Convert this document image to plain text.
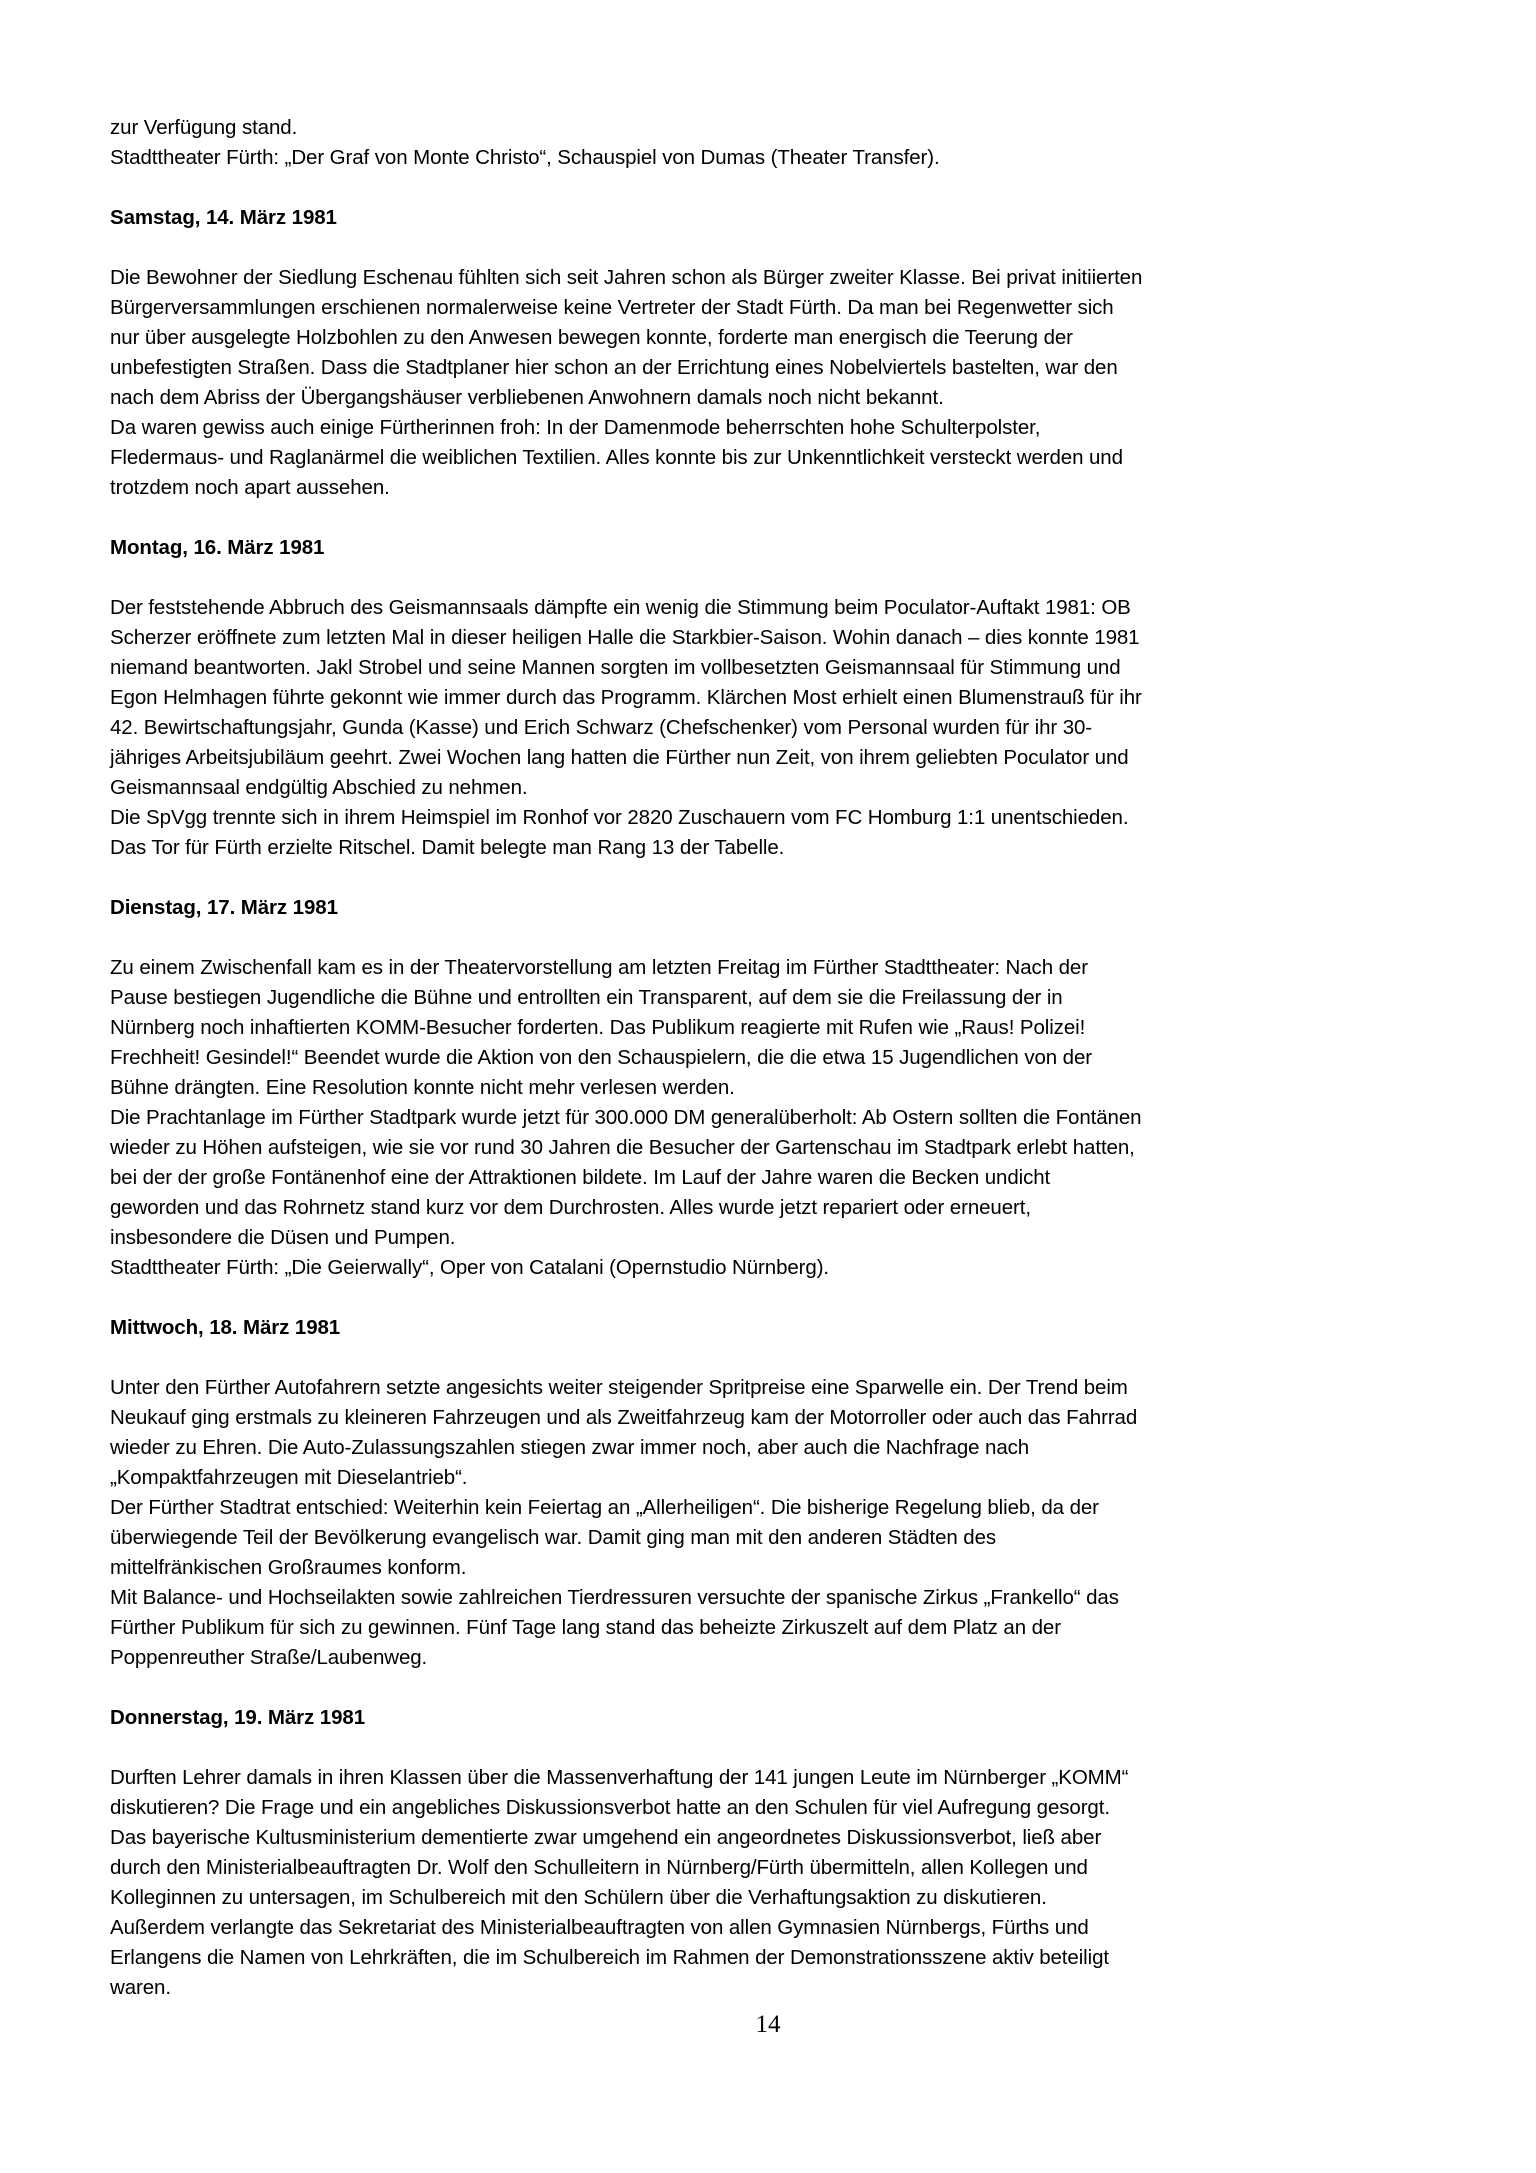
zur Verfügung stand.
Stadttheater Fürth: „Der Graf von Monte Christo“, Schauspiel von Dumas (Theater Transfer).
Samstag, 14. März 1981
Die Bewohner der Siedlung Eschenau fühlten sich seit Jahren schon als Bürger zweiter Klasse. Bei privat initiierten
Bürgerversammlungen erschienen normalerweise keine Vertreter der Stadt Fürth. Da man bei Regenwetter sich
nur über ausgelegte Holzbohlen zu den Anwesen bewegen konnte, forderte man energisch die Teerung der
unbefestigten Straßen. Dass die Stadtplaner hier schon an der Errichtung eines Nobelviertels bastelten, war den
nach dem Abriss der Übergangshäuser verbliebenen Anwohnern damals noch nicht bekannt.
Da waren gewiss auch einige Fürtherinnen froh: In der Damenmode beherrschten hohe Schulterpolster,
Fledermaus- und Raglanärmel die weiblichen Textilien. Alles konnte bis zur Unkenntlichkeit versteckt werden und
trotzdem noch apart aussehen.
Montag, 16. März 1981
Der feststehende Abbruch des Geismannsaals dämpfte ein wenig die Stimmung beim Poculator-Auftakt 1981: OB
Scherzer eröffnete zum letzten Mal in dieser heiligen Halle die Starkbier-Saison. Wohin danach – dies konnte 1981
niemand beantworten. Jakl Strobel und seine Mannen sorgten im vollbesetzten Geismannsaal für Stimmung und
Egon Helmhagen führte gekonnt wie immer durch das Programm. Klärchen Most erhielt einen Blumenstrauß für ihr
42. Bewirtschaftungsjahr, Gunda (Kasse) und Erich Schwarz (Chefschenker) vom Personal wurden für ihr 30-
jähriges Arbeitsjubiläum geehrt. Zwei Wochen lang hatten die Fürther nun Zeit, von ihrem geliebten Poculator und
Geismannsaal endgültig Abschied zu nehmen.
Die SpVgg trennte sich in ihrem Heimspiel im Ronhof vor 2820 Zuschauern vom FC Homburg 1:1 unentschieden.
Das Tor für Fürth erzielte Ritschel. Damit belegte man Rang 13 der Tabelle.
Dienstag, 17. März 1981
Zu einem Zwischenfall kam es in der Theatervorstellung am letzten Freitag im Fürther Stadttheater: Nach der
Pause bestiegen Jugendliche die Bühne und entrollten ein Transparent, auf dem sie die Freilassung der in
Nürnberg noch inhaftierten KOMM-Besucher forderten. Das Publikum reagierte mit Rufen wie „Raus! Polizei!
Frechheit! Gesindel!“ Beendet wurde die Aktion von den Schauspielern, die die etwa 15 Jugendlichen von der
Bühne drängten. Eine Resolution konnte nicht mehr verlesen werden.
Die Prachtanlage im Fürther Stadtpark wurde jetzt für 300.000 DM generalüberholt: Ab Ostern sollten die Fontänen
wieder zu Höhen aufsteigen, wie sie vor rund 30 Jahren die Besucher der Gartenschau im Stadtpark erlebt hatten,
bei der der große Fontänenhof eine der Attraktionen bildete. Im Lauf der Jahre waren die Becken undicht
geworden und das Rohrnetz stand kurz vor dem Durchrosten. Alles wurde jetzt repariert oder erneuert,
insbesondere die Düsen und Pumpen.
Stadttheater Fürth: „Die Geierwally“, Oper von Catalani (Opernstudio Nürnberg).
Mittwoch, 18. März 1981
Unter den Fürther Autofahrern setzte angesichts weiter steigender Spritpreise eine Sparwelle ein. Der Trend beim
Neukauf ging erstmals zu kleineren Fahrzeugen und als Zweitfahrzeug kam der Motorroller oder auch das Fahrrad
wieder zu Ehren. Die Auto-Zulassungszahlen stiegen zwar immer noch, aber auch die Nachfrage nach
„Kompaktfahrzeugen mit Dieselantrieb“.
Der Fürther Stadtrat entschied: Weiterhin kein Feiertag an „Allerheiligen“. Die bisherige Regelung blieb, da der
überwiegende Teil der Bevölkerung evangelisch war. Damit ging man mit den anderen Städten des
mittelfränkischen Großraumes konform.
Mit Balance- und Hochseilakten sowie zahlreichen Tierdressuren versuchte der spanische Zirkus „Frankello“ das
Fürther Publikum für sich zu gewinnen. Fünf Tage lang stand das beheizte Zirkuszelt auf dem Platz an der
Poppenreuther Straße/Laubenweg.
Donnerstag, 19. März 1981
Durften Lehrer damals in ihren Klassen über die Massenverhaftung der 141 jungen Leute im Nürnberger „KOMM“
diskutieren? Die Frage und ein angebliches Diskussionsverbot hatte an den Schulen für viel Aufregung gesorgt.
Das bayerische Kultusministerium dementierte zwar umgehend ein angeordnetes Diskussionsverbot, ließ aber
durch den Ministerialbeauftragten Dr. Wolf den Schulleitern in Nürnberg/Fürth übermitteln, allen Kollegen und
Kolleginnen zu untersagen, im Schulbereich mit den Schülern über die Verhaftungsaktion zu diskutieren.
Außerdem verlangte das Sekretariat des Ministerialbeauftragten von allen Gymnasien Nürnbergs, Fürths und
Erlangens die Namen von Lehrkräften, die im Schulbereich im Rahmen der Demonstrationsszene aktiv beteiligt
waren.
14
